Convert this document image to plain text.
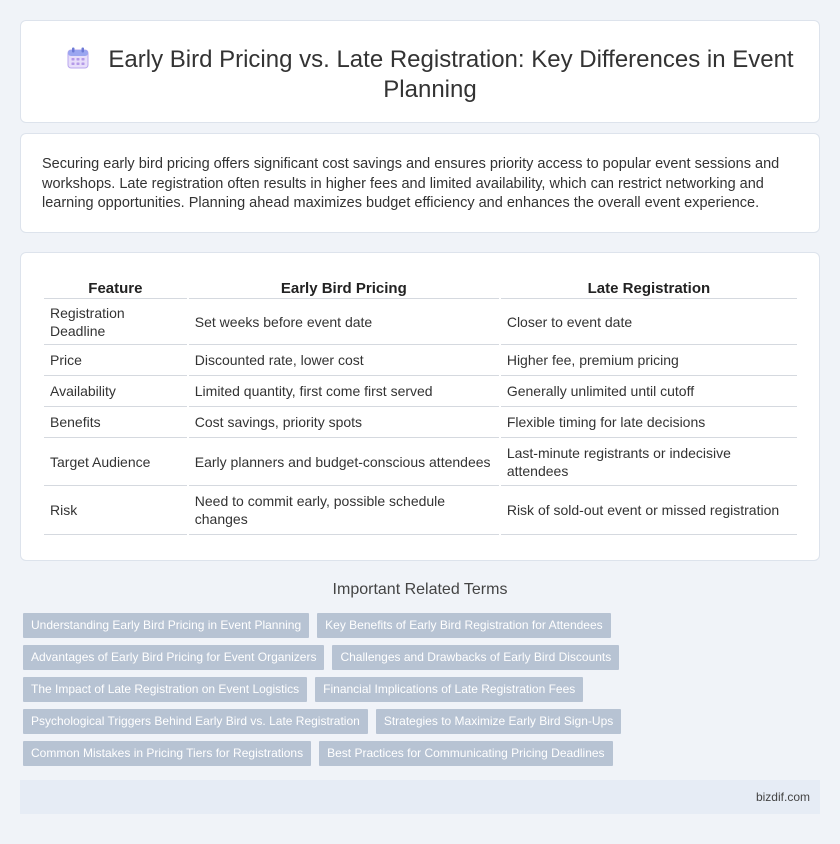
Early Bird Pricing vs. Late Registration: Key Differences in Event Planning

Securing early bird pricing offers significant cost savings and ensures priority access to popular event sessions and workshops. Late registration often results in higher fees and limited availability, which can restrict networking and learning opportunities. Planning ahead maximizes budget efficiency and enhances the overall event experience.

Feature	Early Bird Pricing	Late Registration
Registration Deadline	Set weeks before event date	Closer to event date
Price	Discounted rate, lower cost	Higher fee, premium pricing
Availability	Limited quantity, first come first served	Generally unlimited until cutoff
Benefits	Cost savings, priority spots	Flexible timing for late decisions
Target Audience	Early planners and budget-conscious attendees	Last-minute registrants or indecisive attendees
Risk	Need to commit early, possible schedule changes	Risk of sold-out event or missed registration
Important Related Terms
Understanding Early Bird Pricing in Event Planning	Key Benefits of Early Bird Registration for Attendees
Advantages of Early Bird Pricing for Event Organizers	Challenges and Drawbacks of Early Bird Discounts
The Impact of Late Registration on Event Logistics	Financial Implications of Late Registration Fees
Psychological Triggers Behind Early Bird vs. Late Registration	Strategies to Maximize Early Bird Sign-Ups
Common Mistakes in Pricing Tiers for Registrations	Best Practices for Communicating Pricing Deadlines
bizdif.com
